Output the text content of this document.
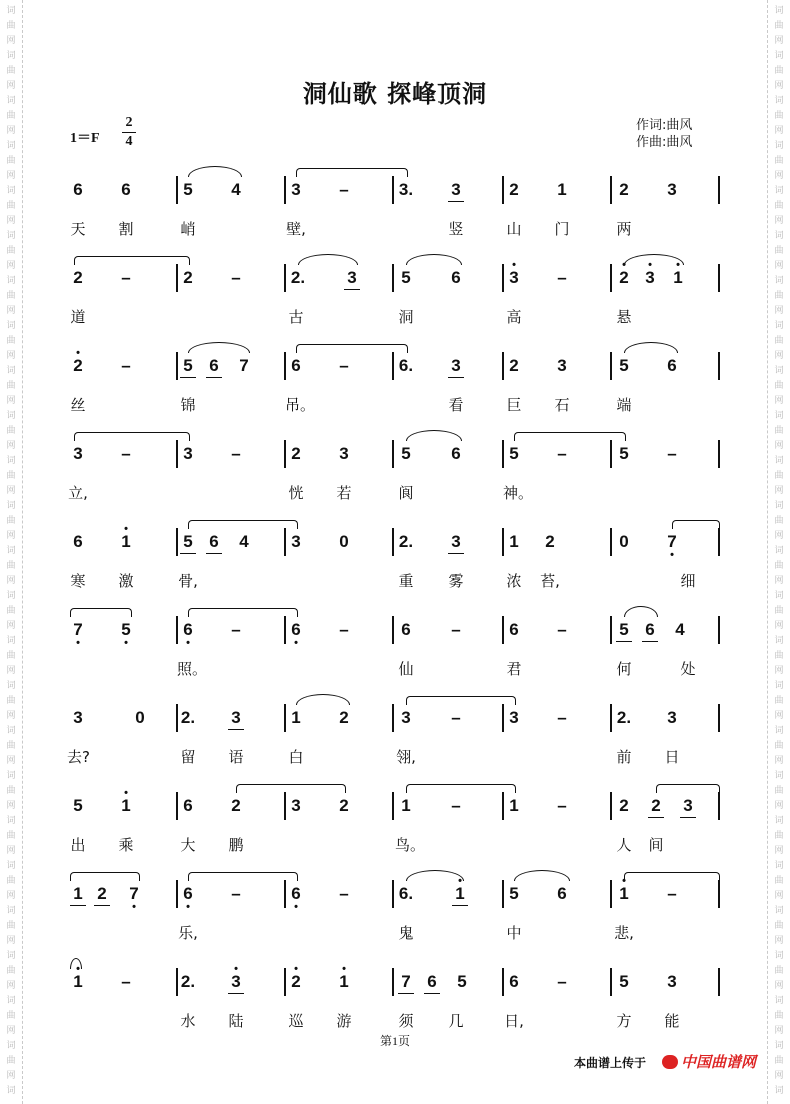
词
曲
网
词
曲
网
词
曲
网
词
曲
网
词
曲
网
词
曲
网
词
曲
网
词
曲
网
词
曲
网
词
曲
网
词
曲
网
词
曲
网
词
曲
网
词
曲
网
词
曲
网
词
曲
网
词
曲
网
词
曲
网
词
曲
网
词
曲
网
词
曲
网
词
曲
网
词
曲
网
词
曲
网
词
词
曲
网
词
曲
网
词
曲
网
词
曲
网
词
曲
网
词
曲
网
词
曲
网
词
曲
网
词
曲
网
词
曲
网
词
曲
网
词
曲
网
词
曲
网
词
曲
网
词
曲
网
词
曲
网
词
曲
网
词
曲
网
词
曲
网
词
曲
网
词
曲
网
词
曲
网
词
曲
网
词
曲
网
词
洞仙歌 探峰顶洞
1＝F
2
4
作词:曲风
作曲:曲风
6 6	5 4	3 –	3. 3	2 1	2 3
天 割	峭	壁,	竖	山 门	两
2 –	2 –	2. 3	5 6	3
•
–	2
•
3
•
1
•
道	古	洞	高	悬
2
•
–	5 6 7	6 –	6. 3	2 3	5 6
丝	锦	吊。	看	巨 石	端
3 –	3 –	2 3	5 6	5 –	5 –
立,	恍 若	阆	神。
6 1
•
5 6 4	3 0	2. 3	1 2	0 7
•
寒 激	骨,	重 雾	浓 苔,	细
7
•
5
•
6
•
–	6
•
–	6 –	6 –	5 6 4
照。	仙	君	何	处
3	0 2. 3	1 2	3 –	3 –	2. 3
去?	留 语	白	翎,	前 日
5 1
•
6 2	3 2	1 –	1 –	2 2 3
出 乘	大 鹏	鸟。	人 间
1 2 7
•
6
•
–	6
•
–	6. 1
•
5 6	1
•
–
乐,	鬼	中	悲,
1
•
–	2. 3
•
2
•
1
•
7 6 5	6 –	5 3
水 陆	巡 游	须 几	日,	方 能
第1页
本曲谱上传于 中国曲谱网
